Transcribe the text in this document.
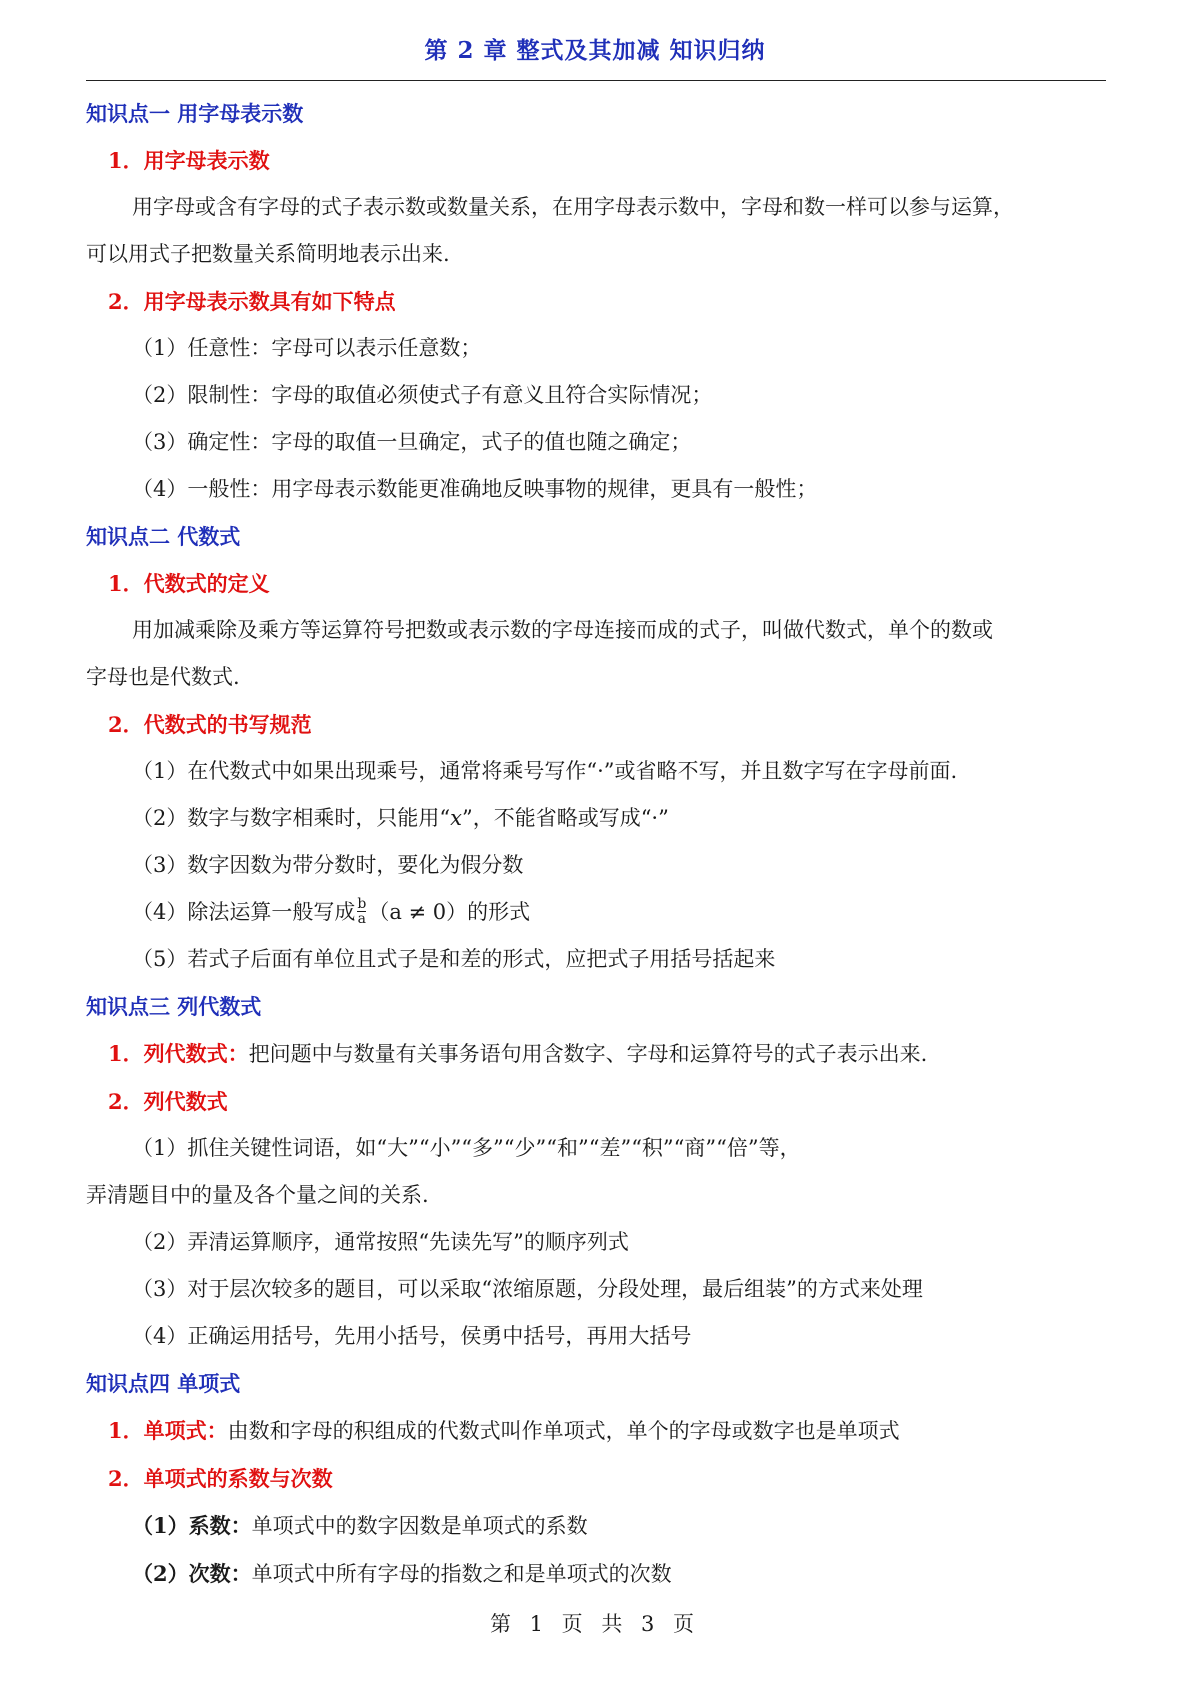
第 2 章 整式及其加减 知识归纳
知识点一 用字母表示数
1．用字母表示数
用字母或含有字母的式子表示数或数量关系，在用字母表示数中，字母和数一样可以参与运算，
可以用式子把数量关系简明地表示出来.
2．用字母表示数具有如下特点
（1）任意性：字母可以表示任意数；
（2）限制性：字母的取值必须使式子有意义且符合实际情况；
（3）确定性：字母的取值一旦确定，式子的值也随之确定；
（4）一般性：用字母表示数能更准确地反映事物的规律，更具有一般性；
知识点二 代数式
1．代数式的定义
用加减乘除及乘方等运算符号把数或表示数的字母连接而成的式子，叫做代数式，单个的数或
字母也是代数式.
2．代数式的书写规范
（1）在代数式中如果出现乘号，通常将乘号写作“·”或省略不写，并且数字写在字母前面.
（2）数字与数字相乘时，只能用“x”，不能省略或写成“·”
（3）数字因数为带分数时，要化为假分数
（4）除法运算一般写成 $\frac{b}{a} (a \ne 0)$的形式
（5）若式子后面有单位且式子是和差的形式，应把式子用括号括起来
知识点三 列代数式
1．列代数式：把问题中与数量有关事务语句用含数字、字母和运算符号的式子表示出来.
2．列代数式
（1）抓住关键性词语，如“大”“小”“多”“少”“和”“差”“积”“商”“倍”等，
弄清题目中的量及各个量之间的关系.
（2）弄清运算顺序，通常按照“先读先写”的顺序列式
（3）对于层次较多的题目，可以采取“浓缩原题，分段处理，最后组装”的方式来处理
（4）正确运用括号，先用小括号，侯勇中括号，再用大括号
知识点四 单项式
1．单项式：由数和字母的积组成的代数式叫作单项式，单个的字母或数字也是单项式
2．单项式的系数与次数
（1）系数：单项式中的数字因数是单项式的系数
（2）次数：单项式中所有字母的指数之和是单项式的次数
第 1 页 共 3 页
